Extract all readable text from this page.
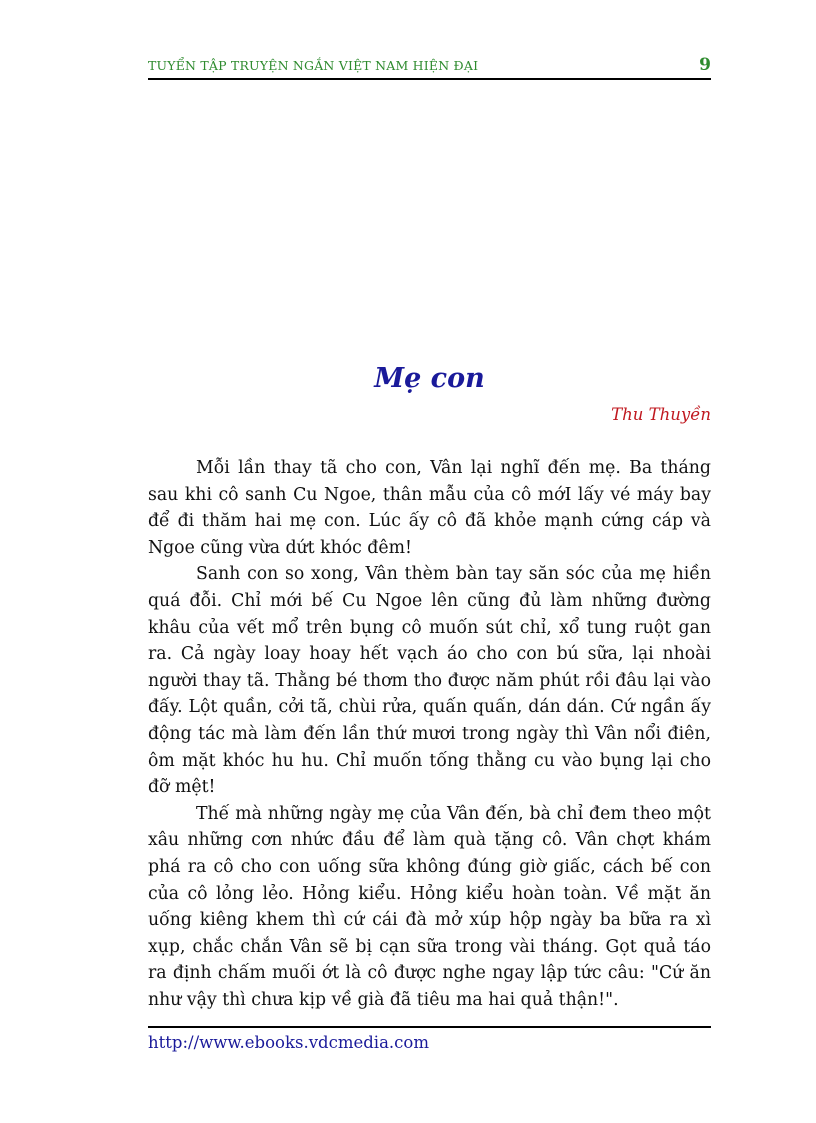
TUYỂN TẬP TRUYỆN NGẮN VIỆT NAM HIỆN ĐẠI	9
Mẹ con
Thu Thuyền

Mỗi lần thay tã cho con, Vân lại nghĩ đến mẹ. Ba tháng sau khi cô sanh Cu Ngoe, thân mẫu của cô mớI lấy vé máy bay để đi thăm hai mẹ con. Lúc ấy cô đã khỏe mạnh cứng cáp và Ngoe cũng vừa dứt khóc đêm!

Sanh con so xong, Vân thèm bàn tay săn sóc của mẹ hiền quá đỗi. Chỉ mới bế Cu Ngoe lên cũng đủ làm những đường khâu của vết mổ trên bụng cô muốn sút chỉ, xổ tung ruột gan ra. Cả ngày loay hoay hết vạch áo cho con bú sữa, lại nhoài người thay tã. Thằng bé thơm tho được năm phút rồi đâu lại vào đấy. Lột quần, cởi tã, chùi rửa, quấn quấn, dán dán. Cứ ngần ấy động tác mà làm đến lần thứ mươi trong ngày thì Vân nổi điên, ôm mặt khóc hu hu. Chỉ muốn tống thằng cu vào bụng lại cho đỡ mệt!

Thế mà những ngày mẹ của Vân đến, bà chỉ đem theo một xâu những cơn nhức đầu để làm quà tặng cô. Vân chợt khám phá ra cô cho con uống sữa không đúng giờ giấc, cách bế con của cô lỏng lẻo. Hỏng kiểu. Hỏng kiểu hoàn toàn. Về mặt ăn uống kiêng khem thì cứ cái đà mở xúp hộp ngày ba bữa ra xì xụp, chắc chắn Vân sẽ bị cạn sữa trong vài tháng. Gọt quả táo ra định chấm muối ớt là cô được nghe ngay lập tức câu: "Cứ ăn như vậy thì chưa kịp về già đã tiêu ma hai quả thận!".

http://www.ebooks.vdcmedia.com
